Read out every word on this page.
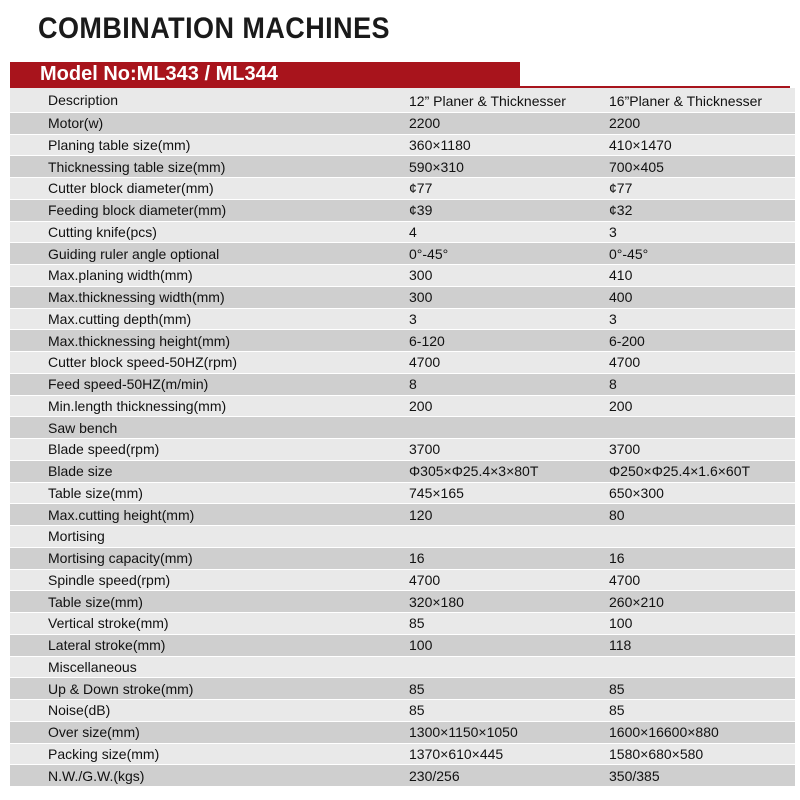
COMBINATION MACHINES
Model No:ML343 / ML344
Description	12” Planer & Thicknesser	16”Planer & Thicknesser
Motor(w)	2200	2200
Planing table size(mm)	360×1180	410×1470
Thicknessing table size(mm)	590×310	700×405
Cutter block diameter(mm)	¢77	¢77
Feeding block diameter(mm)	¢39	¢32
Cutting knife(pcs)	4	3
Guiding ruler angle optional	0°-45°	0°-45°
Max.planing width(mm)	300	410
Max.thicknessing width(mm)	300	400
Max.cutting depth(mm)	3	3
Max.thicknessing height(mm)	6-120	6-200
Cutter block speed-50HZ(rpm)	4700	4700
Feed speed-50HZ(m/min)	8	8
Min.length thicknessing(mm)	200	200
Saw bench		
Blade speed(rpm)	3700	3700
Blade size	Φ305×Φ25.4×3×80T	Φ250×Φ25.4×1.6×60T
Table size(mm)	745×165	650×300
Max.cutting height(mm)	120	80
Mortising		
Mortising capacity(mm)	16	16
Spindle speed(rpm)	4700	4700
Table size(mm)	320×180	260×210
Vertical stroke(mm)	85	100
Lateral stroke(mm)	100	118
Miscellaneous		
Up & Down stroke(mm)	85	85
Noise(dB)	85	85
Over size(mm)	1300×1150×1050	1600×16600×880
Packing size(mm)	1370×610×445	1580×680×580
N.W./G.W.(kgs)	230/256	350/385
